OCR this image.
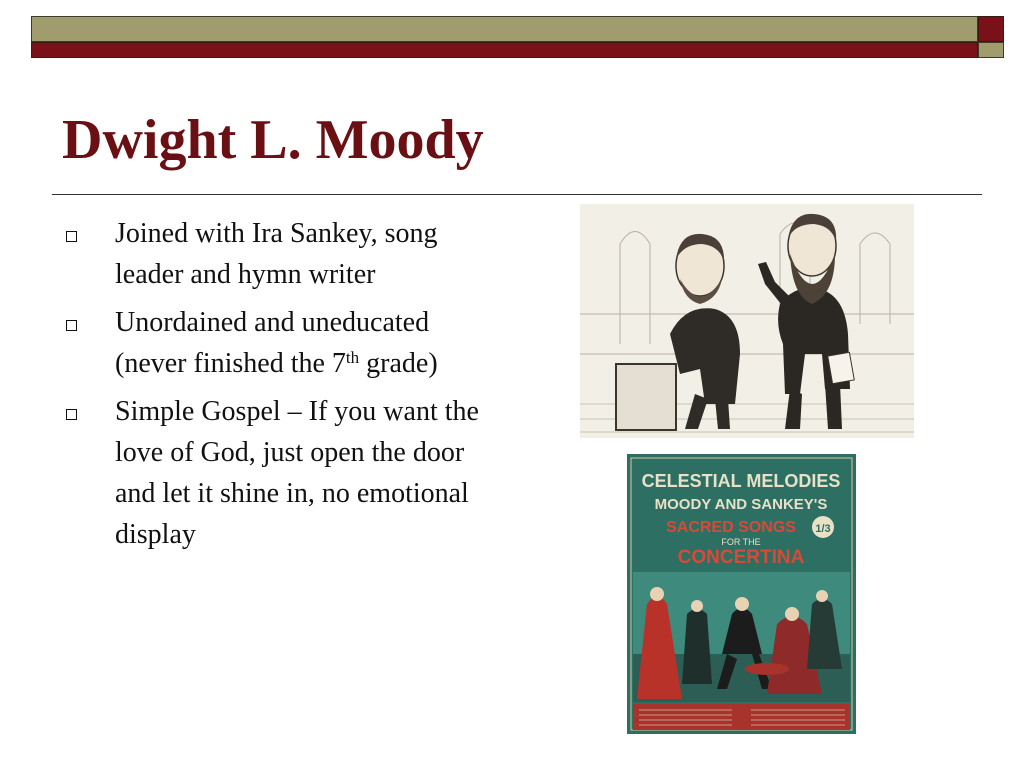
Dwight L. Moody
Joined with Ira Sankey, song leader and hymn writer
Unordained and uneducated (never finished the 7th grade)
Simple Gospel – If you want the love of God, just open the door and let it shine in, no emotional display
CELESTIAL MELODIES
MOODY AND SANKEY'S
SACRED SONGS 1/3
FOR THE
CONCERTINA
